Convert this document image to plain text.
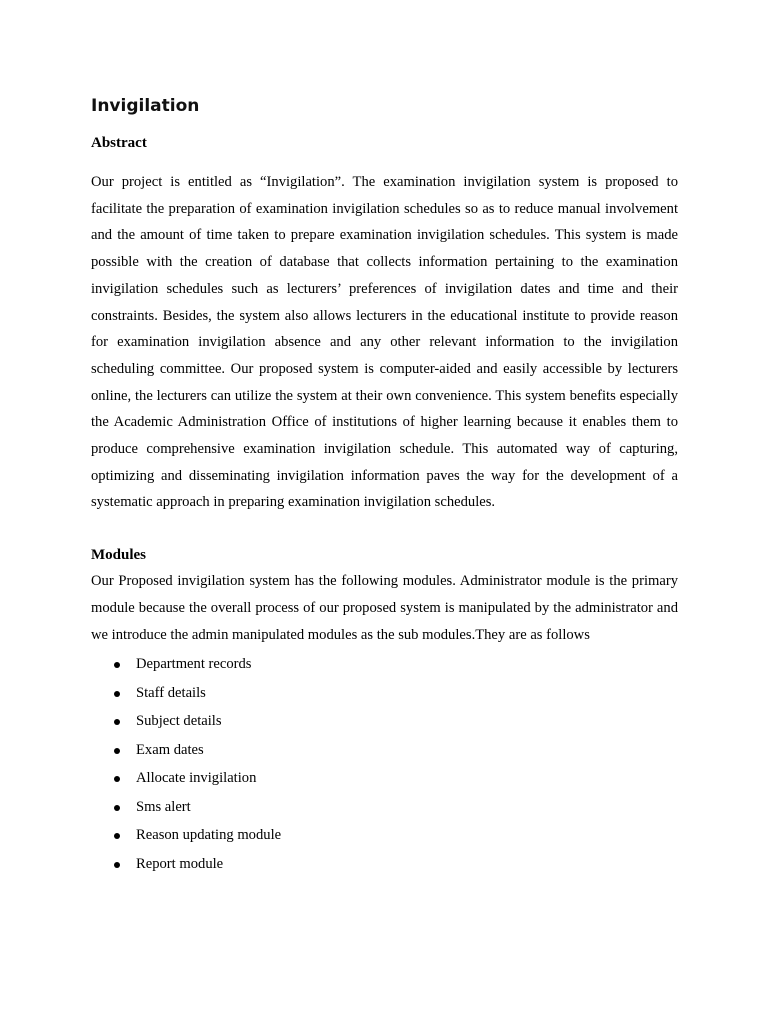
Invigilation
Abstract

Our project is entitled as “Invigilation”. The examination invigilation system is proposed to facilitate the preparation of examination invigilation schedules so as to reduce manual involvement and the amount of time taken to prepare examination invigilation schedules. This system is made possible with the creation of database that collects information pertaining to the examination invigilation schedules such as lecturers’ preferences of invigilation dates and time and their constraints. Besides, the system also allows lecturers in the educational institute to provide reason for examination invigilation absence and any other relevant information to the invigilation scheduling committee. Our proposed system is computer-aided and easily accessible by lecturers online, the lecturers can utilize the system at their own convenience. This system benefits especially the Academic Administration Office of institutions of higher learning because it enables them to produce comprehensive examination invigilation schedule. This automated way of capturing, optimizing and disseminating invigilation information paves the way for the development of a systematic approach in preparing examination invigilation schedules.

Modules

Our Proposed invigilation system has the following modules. Administrator module is the primary module because the overall process of our proposed system is manipulated by the administrator and we introduce the admin manipulated modules as the sub modules.They are as follows

Department records
Staff details
Subject details
Exam dates
Allocate invigilation
Sms alert
Reason updating module
Report module
